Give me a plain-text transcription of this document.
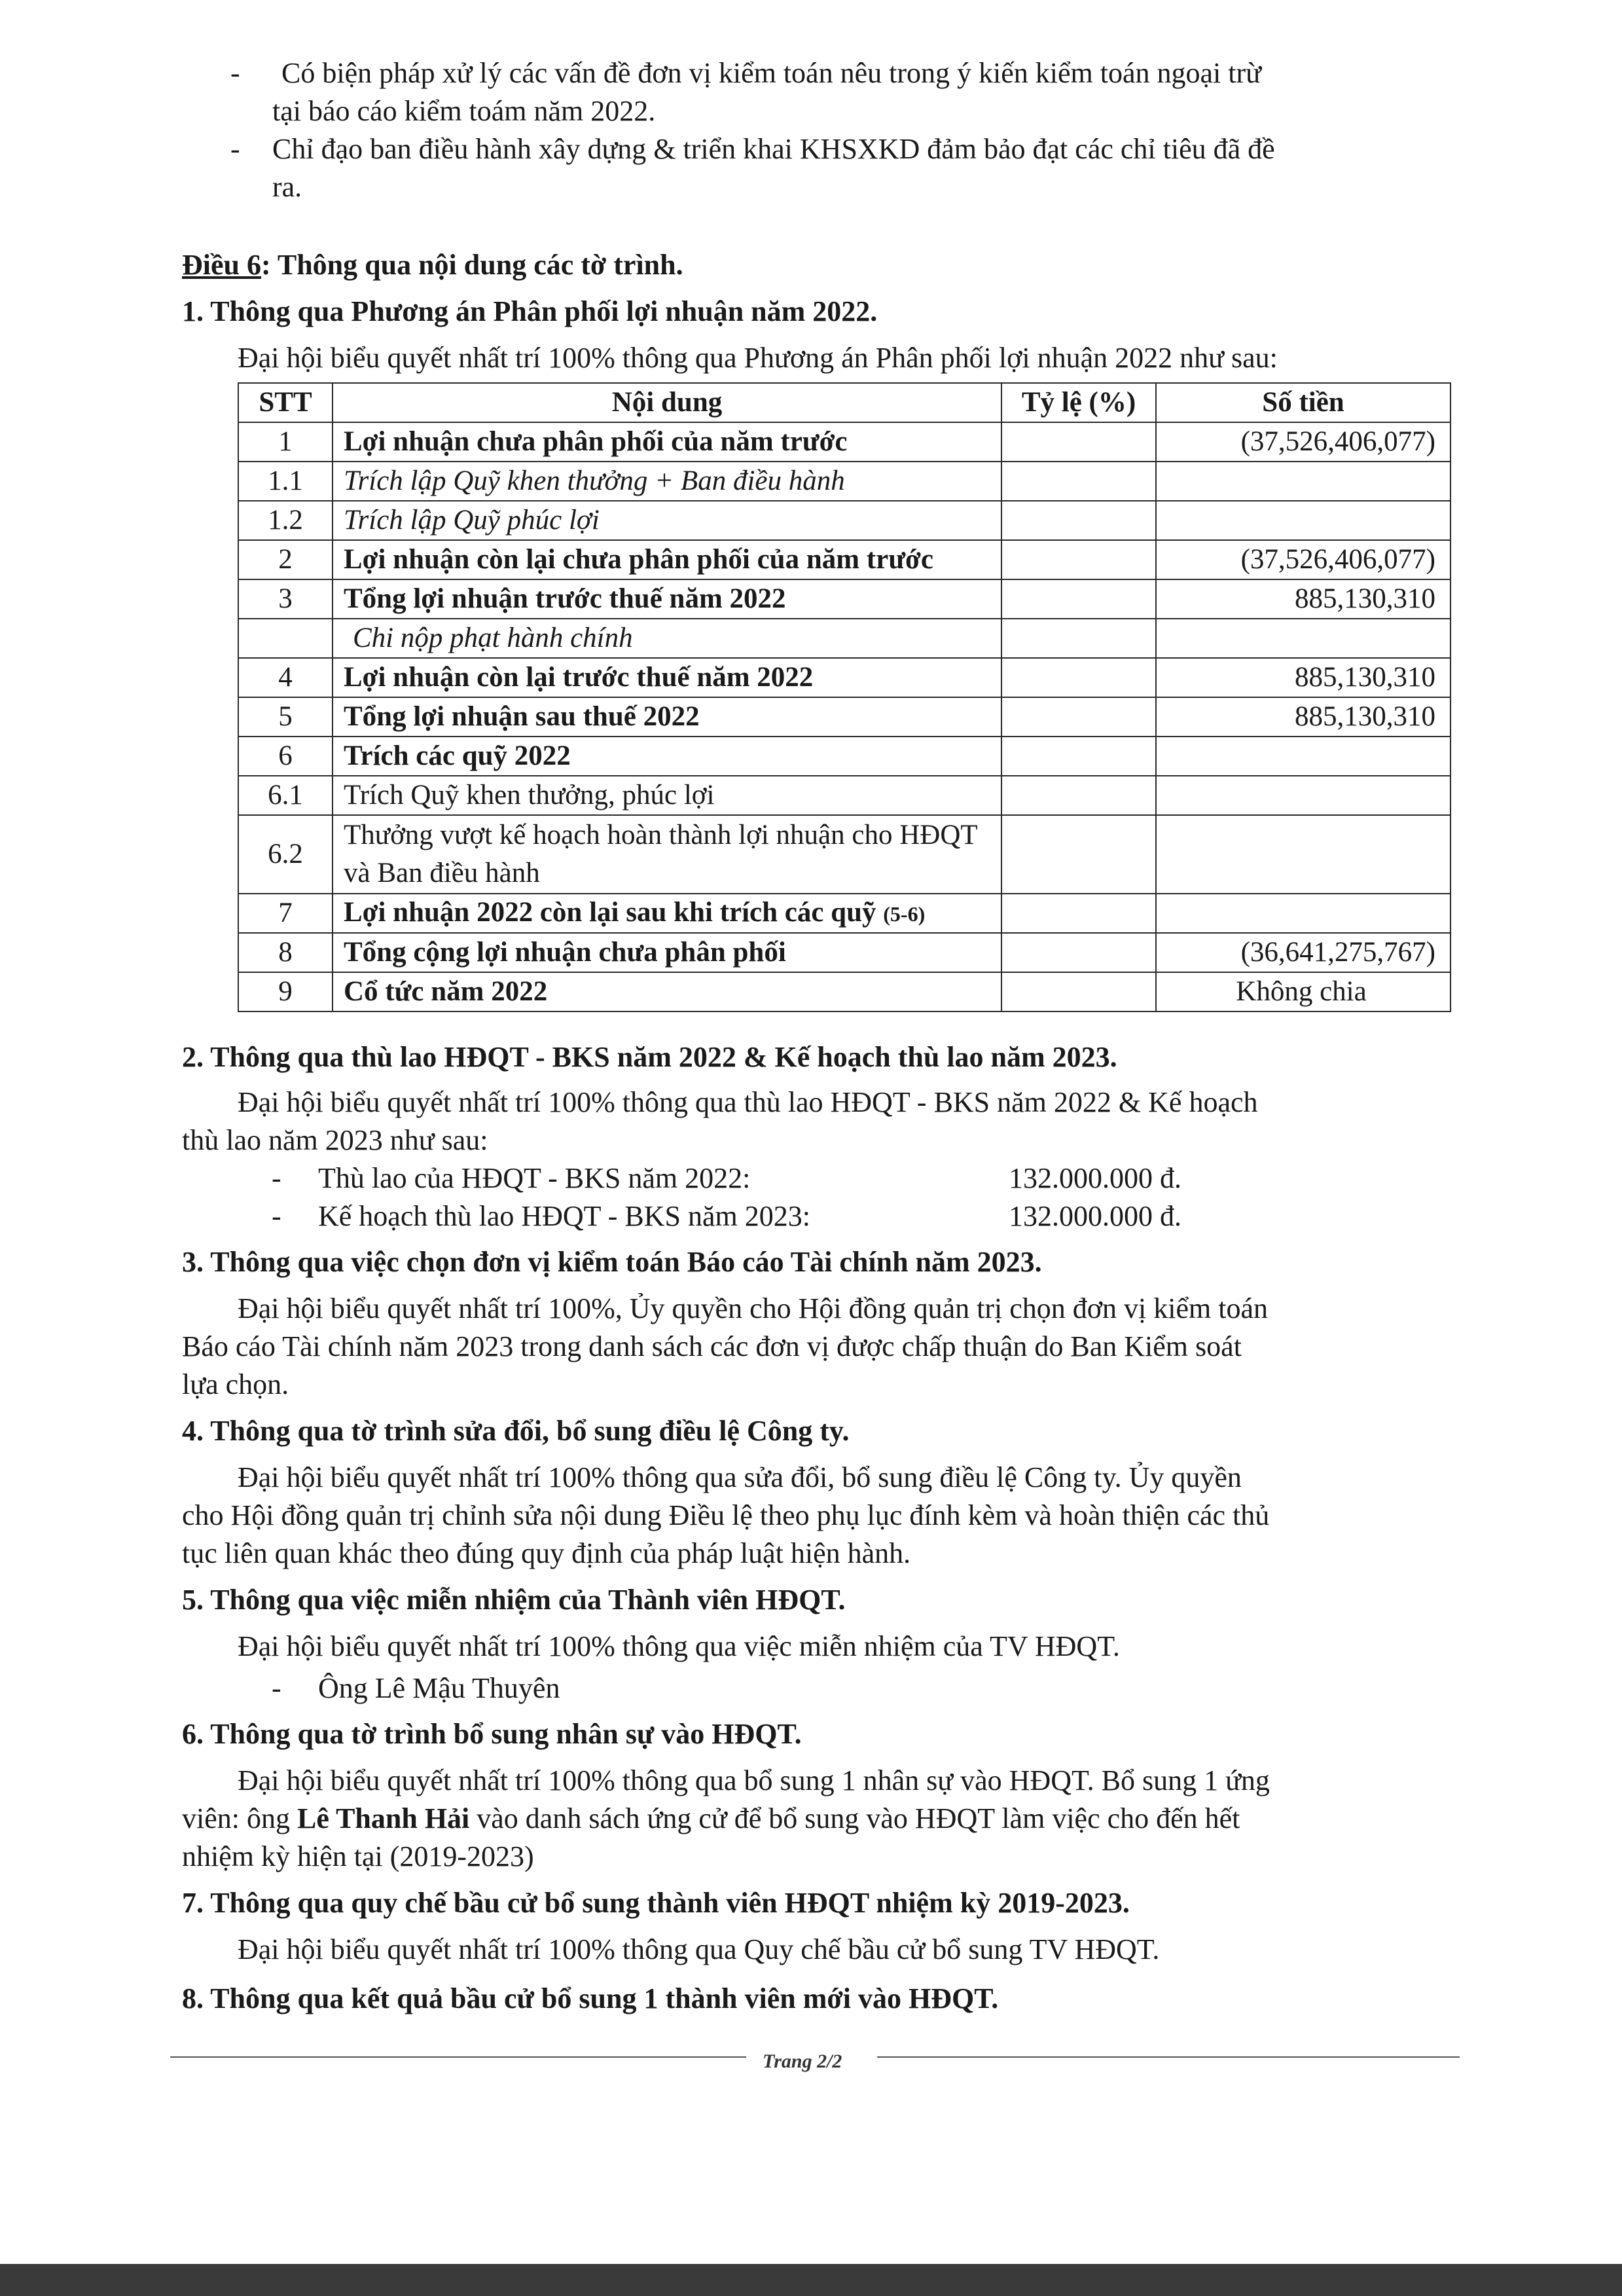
- Có biện pháp xử lý các vấn đề đơn vị kiểm toán nêu trong ý kiến kiểm toán ngoại trừ
tại báo cáo kiểm toám năm 2022.
- Chỉ đạo ban điều hành xây dựng & triển khai KHSXKD đảm bảo đạt các chỉ tiêu đã đề
ra.
Điều 6: Thông qua nội dung các tờ trình.
1. Thông qua Phương án Phân phối lợi nhuận năm 2022.
Đại hội biểu quyết nhất trí 100% thông qua Phương án Phân phối lợi nhuận 2022 như sau:
STT	Nội dung	Tỷ lệ (%)	Số tiền
1	Lợi nhuận chưa phân phối của năm trước		(37,526,406,077)
1.1	Trích lập Quỹ khen thưởng + Ban điều hành		
1.2	Trích lập Quỹ phúc lợi		
2	Lợi nhuận còn lại chưa phân phối của năm trước		(37,526,406,077)
3	Tổng lợi nhuận trước thuế năm 2022		885,130,310
	Chi nộp phạt hành chính		
4	Lợi nhuận còn lại trước thuế năm 2022		885,130,310
5	Tổng lợi nhuận sau thuế 2022		885,130,310
6	Trích các quỹ 2022		
6.1	Trích Quỹ khen thưởng, phúc lợi		
6.2	Thưởng vượt kế hoạch hoàn thành lợi nhuận cho HĐQT và Ban điều hành		
7	Lợi nhuận 2022 còn lại sau khi trích các quỹ (5-6)		
8	Tổng cộng lợi nhuận chưa phân phối		(36,641,275,767)
9	Cổ tức năm 2022		Không chia
2. Thông qua thù lao HĐQT - BKS năm 2022 & Kế hoạch thù lao năm 2023.
Đại hội biểu quyết nhất trí 100% thông qua thù lao HĐQT - BKS năm 2022 & Kế hoạch
thù lao năm 2023 như sau:
- Thù lao của HĐQT - BKS năm 2022:	132.000.000 đ.
- Kế hoạch thù lao HĐQT - BKS năm 2023:	132.000.000 đ.
3. Thông qua việc chọn đơn vị kiểm toán Báo cáo Tài chính năm 2023.
Đại hội biểu quyết nhất trí 100%, Ủy quyền cho Hội đồng quản trị chọn đơn vị kiểm toán
Báo cáo Tài chính năm 2023 trong danh sách các đơn vị được chấp thuận do Ban Kiểm soát
lựa chọn.
4. Thông qua tờ trình sửa đổi, bổ sung điều lệ Công ty.
Đại hội biểu quyết nhất trí 100% thông qua sửa đổi, bổ sung điều lệ Công ty. Ủy quyền
cho Hội đồng quản trị chỉnh sửa nội dung Điều lệ theo phụ lục đính kèm và hoàn thiện các thủ
tục liên quan khác theo đúng quy định của pháp luật hiện hành.
5. Thông qua việc miễn nhiệm của Thành viên HĐQT.
Đại hội biểu quyết nhất trí 100% thông qua việc miễn nhiệm của TV HĐQT.
- Ông Lê Mậu Thuyên
6. Thông qua tờ trình bổ sung nhân sự vào HĐQT.
Đại hội biểu quyết nhất trí 100% thông qua bổ sung 1 nhân sự vào HĐQT. Bổ sung 1 ứng
viên: ông Lê Thanh Hải vào danh sách ứng cử để bổ sung vào HĐQT làm việc cho đến hết
nhiệm kỳ hiện tại (2019-2023)
7. Thông qua quy chế bầu cử bổ sung thành viên HĐQT nhiệm kỳ 2019-2023.
Đại hội biểu quyết nhất trí 100% thông qua Quy chế bầu cử bổ sung TV HĐQT.
8. Thông qua kết quả bầu cử bổ sung 1 thành viên mới vào HĐQT.
Trang 2/2
